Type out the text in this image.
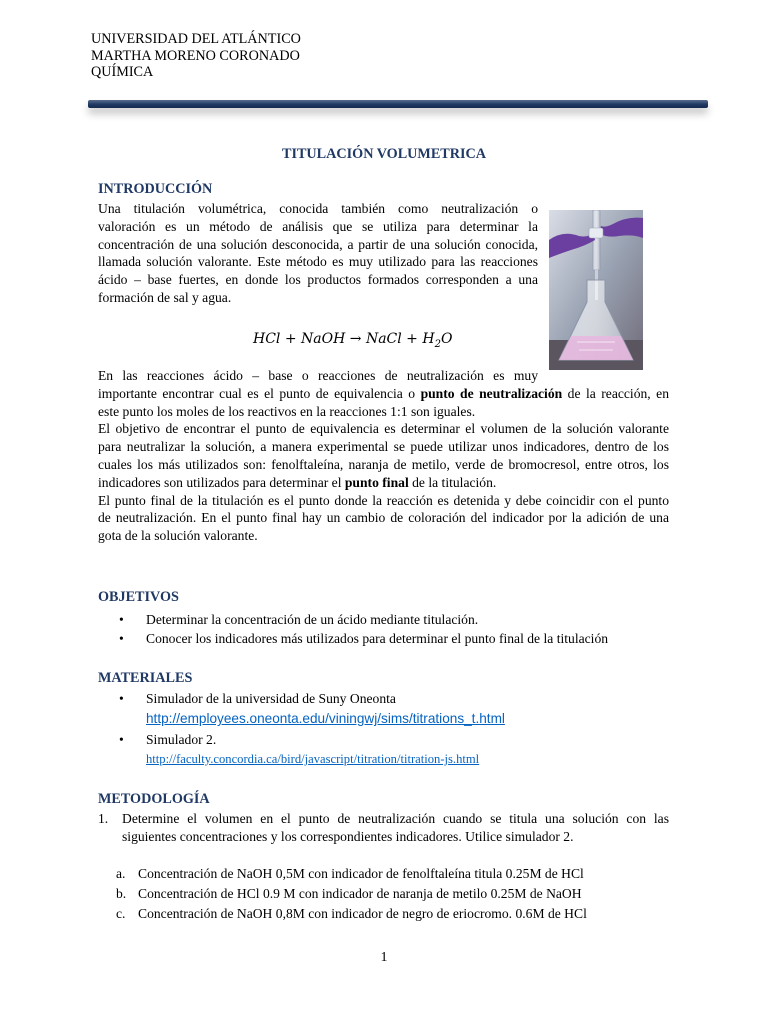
UNIVERSIDAD DEL ATLÁNTICO
MARTHA MORENO CORONADO
QUÍMICA
TITULACIÓN VOLUMETRICA
INTRODUCCIÓN
Una titulación volumétrica, conocida también como neutralización o
valoración es un método de análisis que se utiliza para determinar la
concentración de una solución desconocida, a partir de una solución conocida,
llamada solución valorante. Este método es muy utilizado para las reacciones
ácido – base fuertes, en donde los productos formados corresponden a una
formación de sal y agua.
HCl + NaOH → NaCl + $H_2O$
En las reacciones ácido – base o reacciones de neutralización es muy
importante encontrar cual es el punto de equivalencia o punto de neutralización de la reacción, en
este punto los moles de los reactivos en la reacciones 1:1 son iguales.
El objetivo de encontrar el punto de equivalencia es determinar el volumen de la solución valorante
para neutralizar la solución, a manera experimental se puede utilizar unos indicadores, dentro de los
cuales los más utilizados son: fenolftaleína, naranja de metilo, verde de bromocresol, entre otros, los
indicadores son utilizados para determinar el punto final de la titulación.
El punto final de la titulación es el punto donde la reacción es detenida y debe coincidir con el punto
de neutralización. En el punto final hay un cambio de coloración del indicador por la adición de una
gota de la solución valorante.
OBJETIVOS
• Determinar la concentración de un ácido mediante titulación.
• Conocer los indicadores más utilizados para determinar el punto final de la titulación
MATERIALES
• Simulador de la universidad de Suny Oneonta
http://employees.oneonta.edu/viningwj/sims/titrations_t.html
• Simulador 2.
http://faculty.concordia.ca/bird/javascript/titration/titration-js.html
METODOLOGÍA
1. Determine el volumen en el punto de neutralización cuando se titula una solución con las
siguientes concentraciones y los correspondientes indicadores. Utilice simulador 2.
a. Concentración de NaOH 0,5M con indicador de fenolftaleína titula 0.25M de HCl
b. Concentración de HCl 0.9 M con indicador de naranja de metilo 0.25M de NaOH
c. Concentración de NaOH 0,8M con indicador de negro de eriocromo. 0.6M de HCl
1
